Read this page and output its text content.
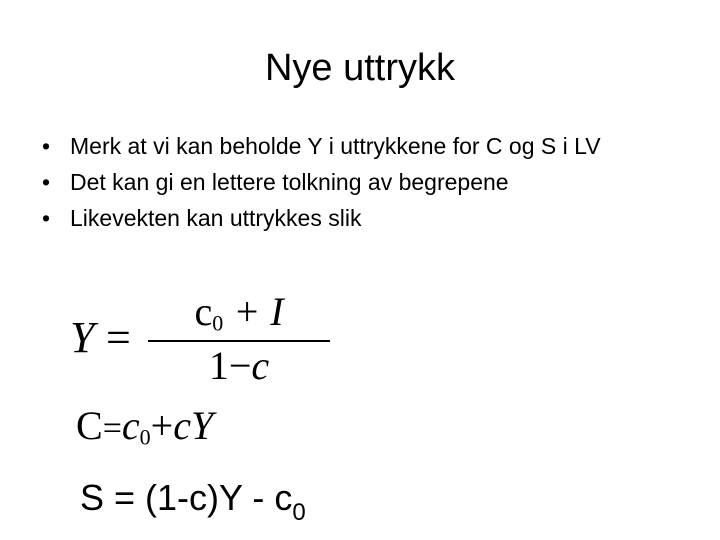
Nye uttrykk
• Merk at vi kan beholde Y i uttrykkene for C og S i LV
• Det kan gi en lettere tolkning av begrepene
• Likevekten kan uttrykkes slik
Y =
$c_0 + I$
1−c
$C=c_0+cY$
$S = (1-c)Y - c_0$
